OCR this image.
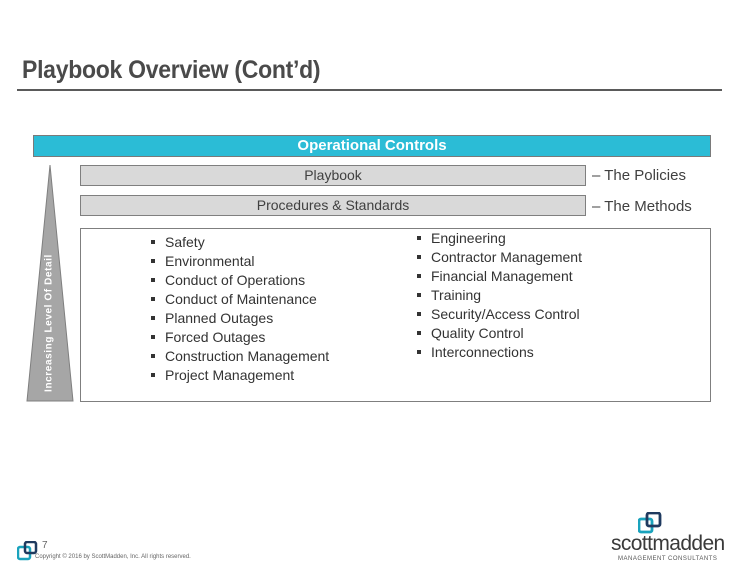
Playbook Overview (Cont’d)
Operational Controls
Playbook	– The Policies
Procedures & Standards	– The Methods
Increasing Level Of Detail
Safety
Environmental
Conduct of Operations
Conduct of Maintenance
Planned Outages
Forced Outages
Construction Management
Project Management
Engineering
Contractor Management
Financial Management
Training
Security/Access Control
Quality Control
Interconnections
7
Copyright © 2016 by ScottMadden, Inc. All rights reserved.
scottmadden
MANAGEMENT CONSULTANTS
